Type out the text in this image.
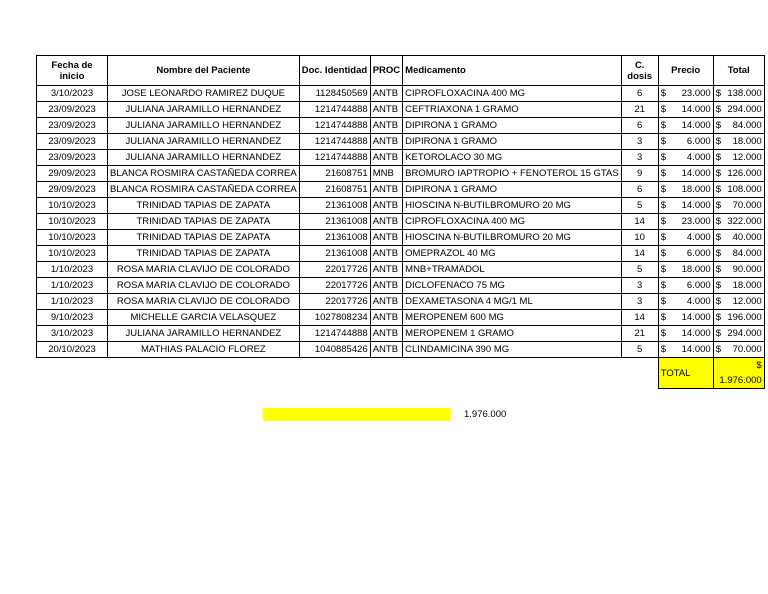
Fecha de inicio	Nombre del Paciente	Doc. Identidad	PROC	Medicamento	C. dosis	Precio	Total
3/10/2023	JOSE LEONARDO RAMIREZ DUQUE	1128450569	ANTB	CIPROFLOXACINA 400 MG	6	$ 23.000	$ 138.000

23/09/2023	JULIANA JARAMILLO HERNANDEZ	1214744888	ANTB	CEFTRIAXONA 1 GRAMO	21	$ 14.000	$ 294.000

23/09/2023	JULIANA JARAMILLO HERNANDEZ	1214744888	ANTB	DIPIRONA 1 GRAMO	6	$ 14.000	$ 84.000

23/09/2023	JULIANA JARAMILLO HERNANDEZ	1214744888	ANTB	DIPIRONA 1 GRAMO	3	$ 6.000	$ 18.000

23/09/2023	JULIANA JARAMILLO HERNANDEZ	1214744888	ANTB	KETOROLACO 30 MG	3	$ 4.000	$ 12.000

29/09/2023	BLANCA ROSMIRA CASTAÑEDA CORREA	21608751	MNB	BROMURO IAPTROPIO + FENOTEROL 15 GTAS	9	$ 14.000	$ 126.000

29/09/2023	BLANCA ROSMIRA CASTAÑEDA CORREA	21608751	ANTB	DIPIRONA 1 GRAMO	6	$ 18.000	$ 108.000

10/10/2023	TRINIDAD TAPIAS DE ZAPATA	21361008	ANTB	HIOSCINA N-BUTILBROMURO 20 MG	5	$ 14.000	$ 70.000

10/10/2023	TRINIDAD TAPIAS DE ZAPATA	21361008	ANTB	CIPROFLOXACINA 400 MG	14	$ 23.000	$ 322.000

10/10/2023	TRINIDAD TAPIAS DE ZAPATA	21361008	ANTB	HIOSCINA N-BUTILBROMURO 20 MG	10	$ 4.000	$ 40.000

10/10/2023	TRINIDAD TAPIAS DE ZAPATA	21361008	ANTB	OMEPRAZOL 40 MG	14	$ 6.000	$ 84.000

1/10/2023	ROSA MARIA CLAVIJO DE COLORADO	22017726	ANTB	MNB+TRAMADOL	5	$ 18.000	$ 90.000

1/10/2023	ROSA MARIA CLAVIJO DE COLORADO	22017726	ANTB	DICLOFENACO 75 MG	3	$ 6.000	$ 18.000

1/10/2023	ROSA MARIA CLAVIJO DE COLORADO	22017726	ANTB	DEXAMETASONA 4 MG/1 ML	3	$ 4.000	$ 12.000

9/10/2023	MICHELLE GARCIA VELASQUEZ	1027808234	ANTB	MEROPENEM 600 MG	14	$ 14.000	$ 196.000

3/10/2023	JULIANA JARAMILLO HERNANDEZ	1214744888	ANTB	MEROPENEM 1 GRAMO	21	$ 14.000	$ 294.000

20/10/2023	MATHIAS PALACIO FLOREZ	1040885426	ANTB	CLINDAMICINA 390 MG	5	$ 14.000	$ 70.000

						TOTAL	$
1.976.000
1.976.000
